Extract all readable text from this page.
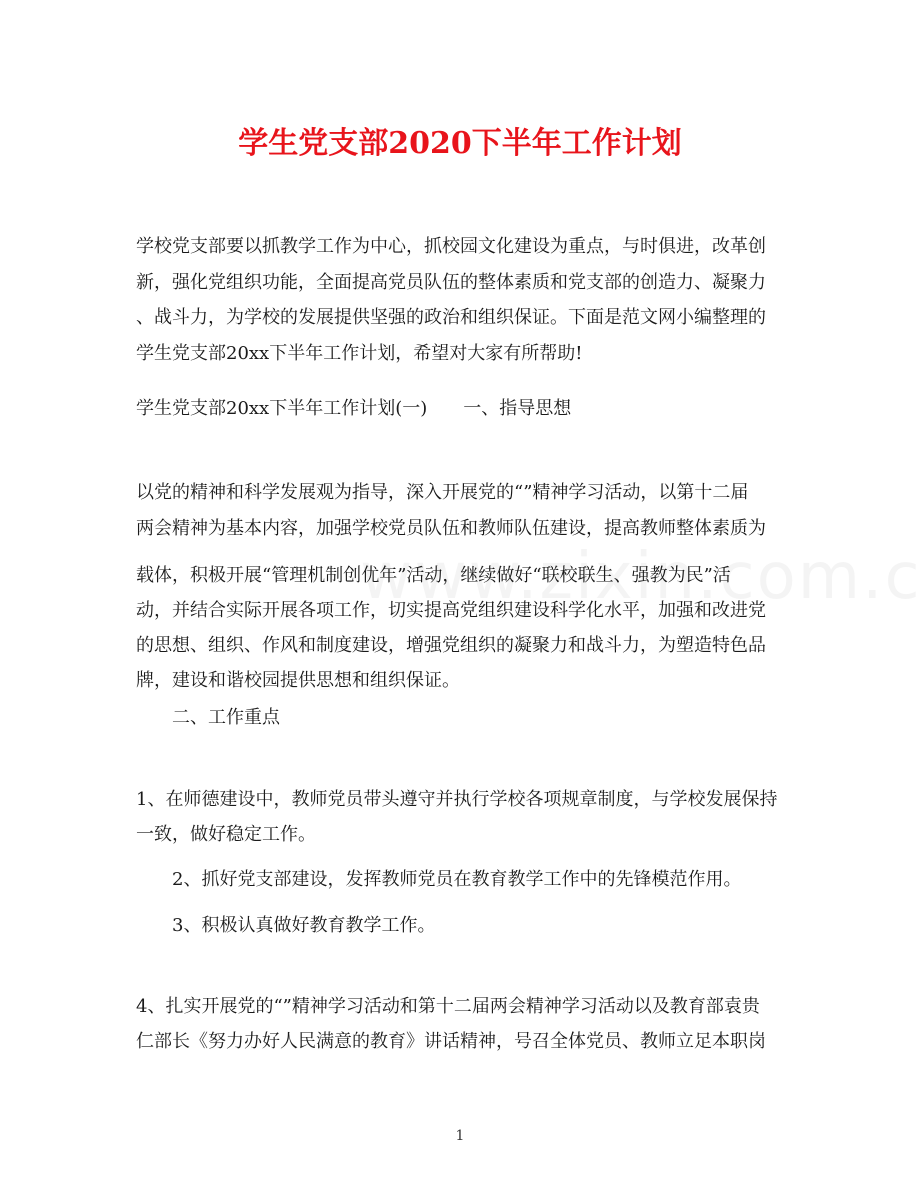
学生党支部2020下半年工作计划
学校党支部要以抓教学工作为中心，抓校园文化建设为重点，与时俱进，改革创
新，强化党组织功能，全面提高党员队伍的整体素质和党支部的创造力、凝聚力
、战斗力，为学校的发展提供坚强的政治和组织保证。下面是范文网小编整理的
学生党支部20xx下半年工作计划，希望对大家有所帮助!
学生党支部20xx下半年工作计划(一)　　一、指导思想
以党的精神和科学发展观为指导，深入开展党的“”精神学习活动，以第十二届
两会精神为基本内容，加强学校党员队伍和教师队伍建设，提高教师整体素质为
载体，积极开展“管理机制创优年”活动，继续做好“联校联生、强教为民”活
动，并结合实际开展各项工作，切实提高党组织建设科学化水平，加强和改进党
的思想、组织、作风和制度建设，增强党组织的凝聚力和战斗力，为塑造特色品
牌，建设和谐校园提供思想和组织保证。
二、工作重点
1、在师德建设中，教师党员带头遵守并执行学校各项规章制度，与学校发展保持
一致，做好稳定工作。
2、抓好党支部建设，发挥教师党员在教育教学工作中的先锋模范作用。
3、积极认真做好教育教学工作。
4、扎实开展党的“”精神学习活动和第十二届两会精神学习活动以及教育部袁贵
仁部长《努力办好人民满意的教育》讲话精神，号召全体党员、教师立足本职岗
1
